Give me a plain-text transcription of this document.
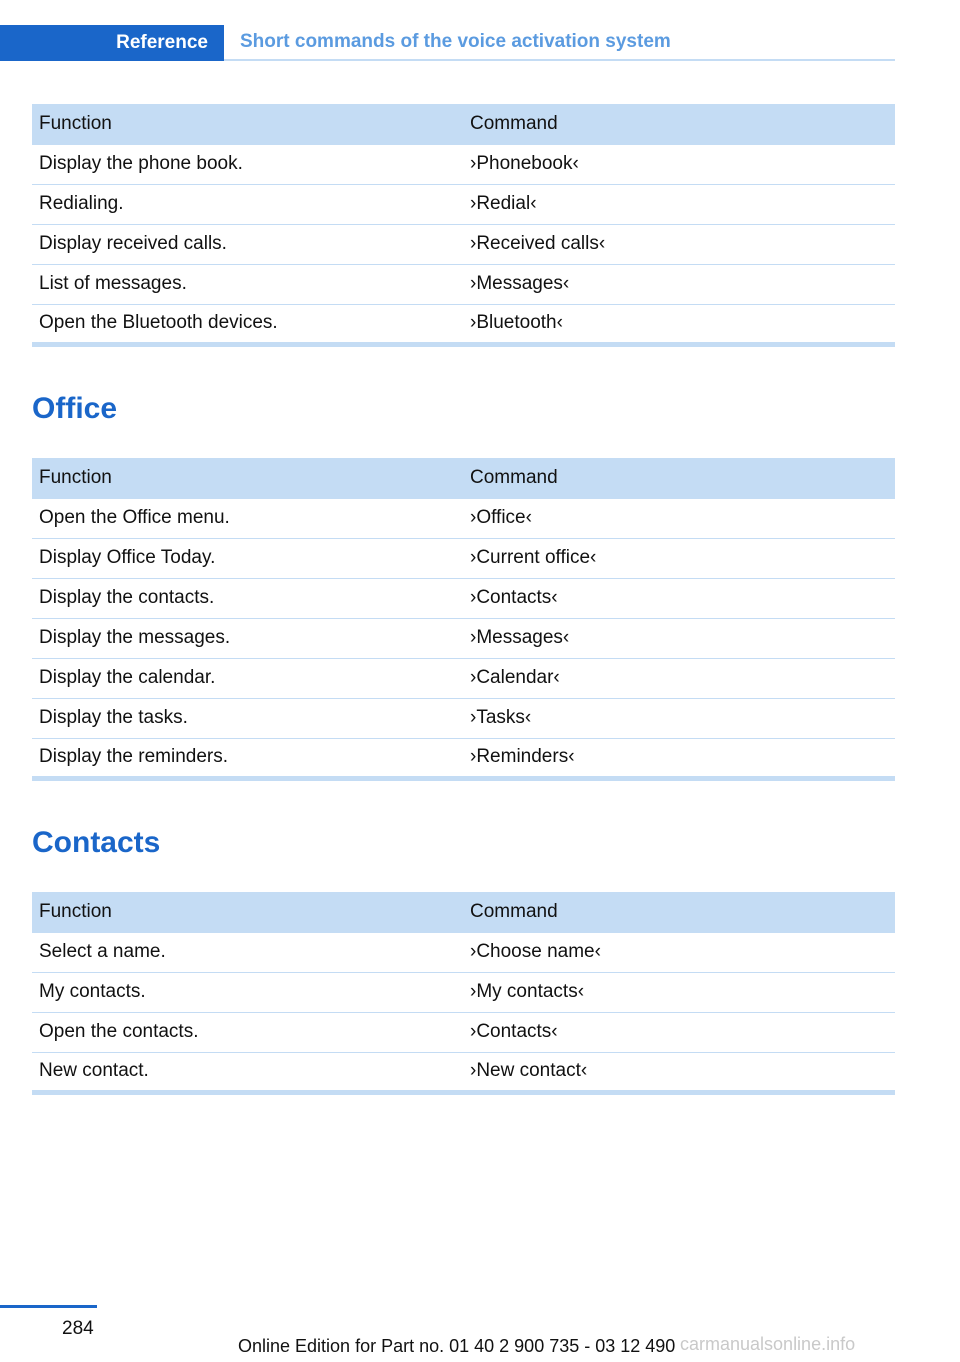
Reference	Short commands of the voice activation system
Function	Command
Display the phone book.	›Phonebook‹
Redialing.	›Redial‹
Display received calls.	›Received calls‹
List of messages.	›Messages‹
Open the Bluetooth devices.	›Bluetooth‹
Office
Function	Command
Open the Office menu.	›Office‹
Display Office Today.	›Current office‹
Display the contacts.	›Contacts‹
Display the messages.	›Messages‹
Display the calendar.	›Calendar‹
Display the tasks.	›Tasks‹
Display the reminders.	›Reminders‹
Contacts
Function	Command
Select a name.	›Choose name‹
My contacts.	›My contacts‹
Open the contacts.	›Contacts‹
New contact.	›New contact‹
284
Online Edition for Part no. 01 40 2 900 735 - 03 12 490 carmanualsonline.info
